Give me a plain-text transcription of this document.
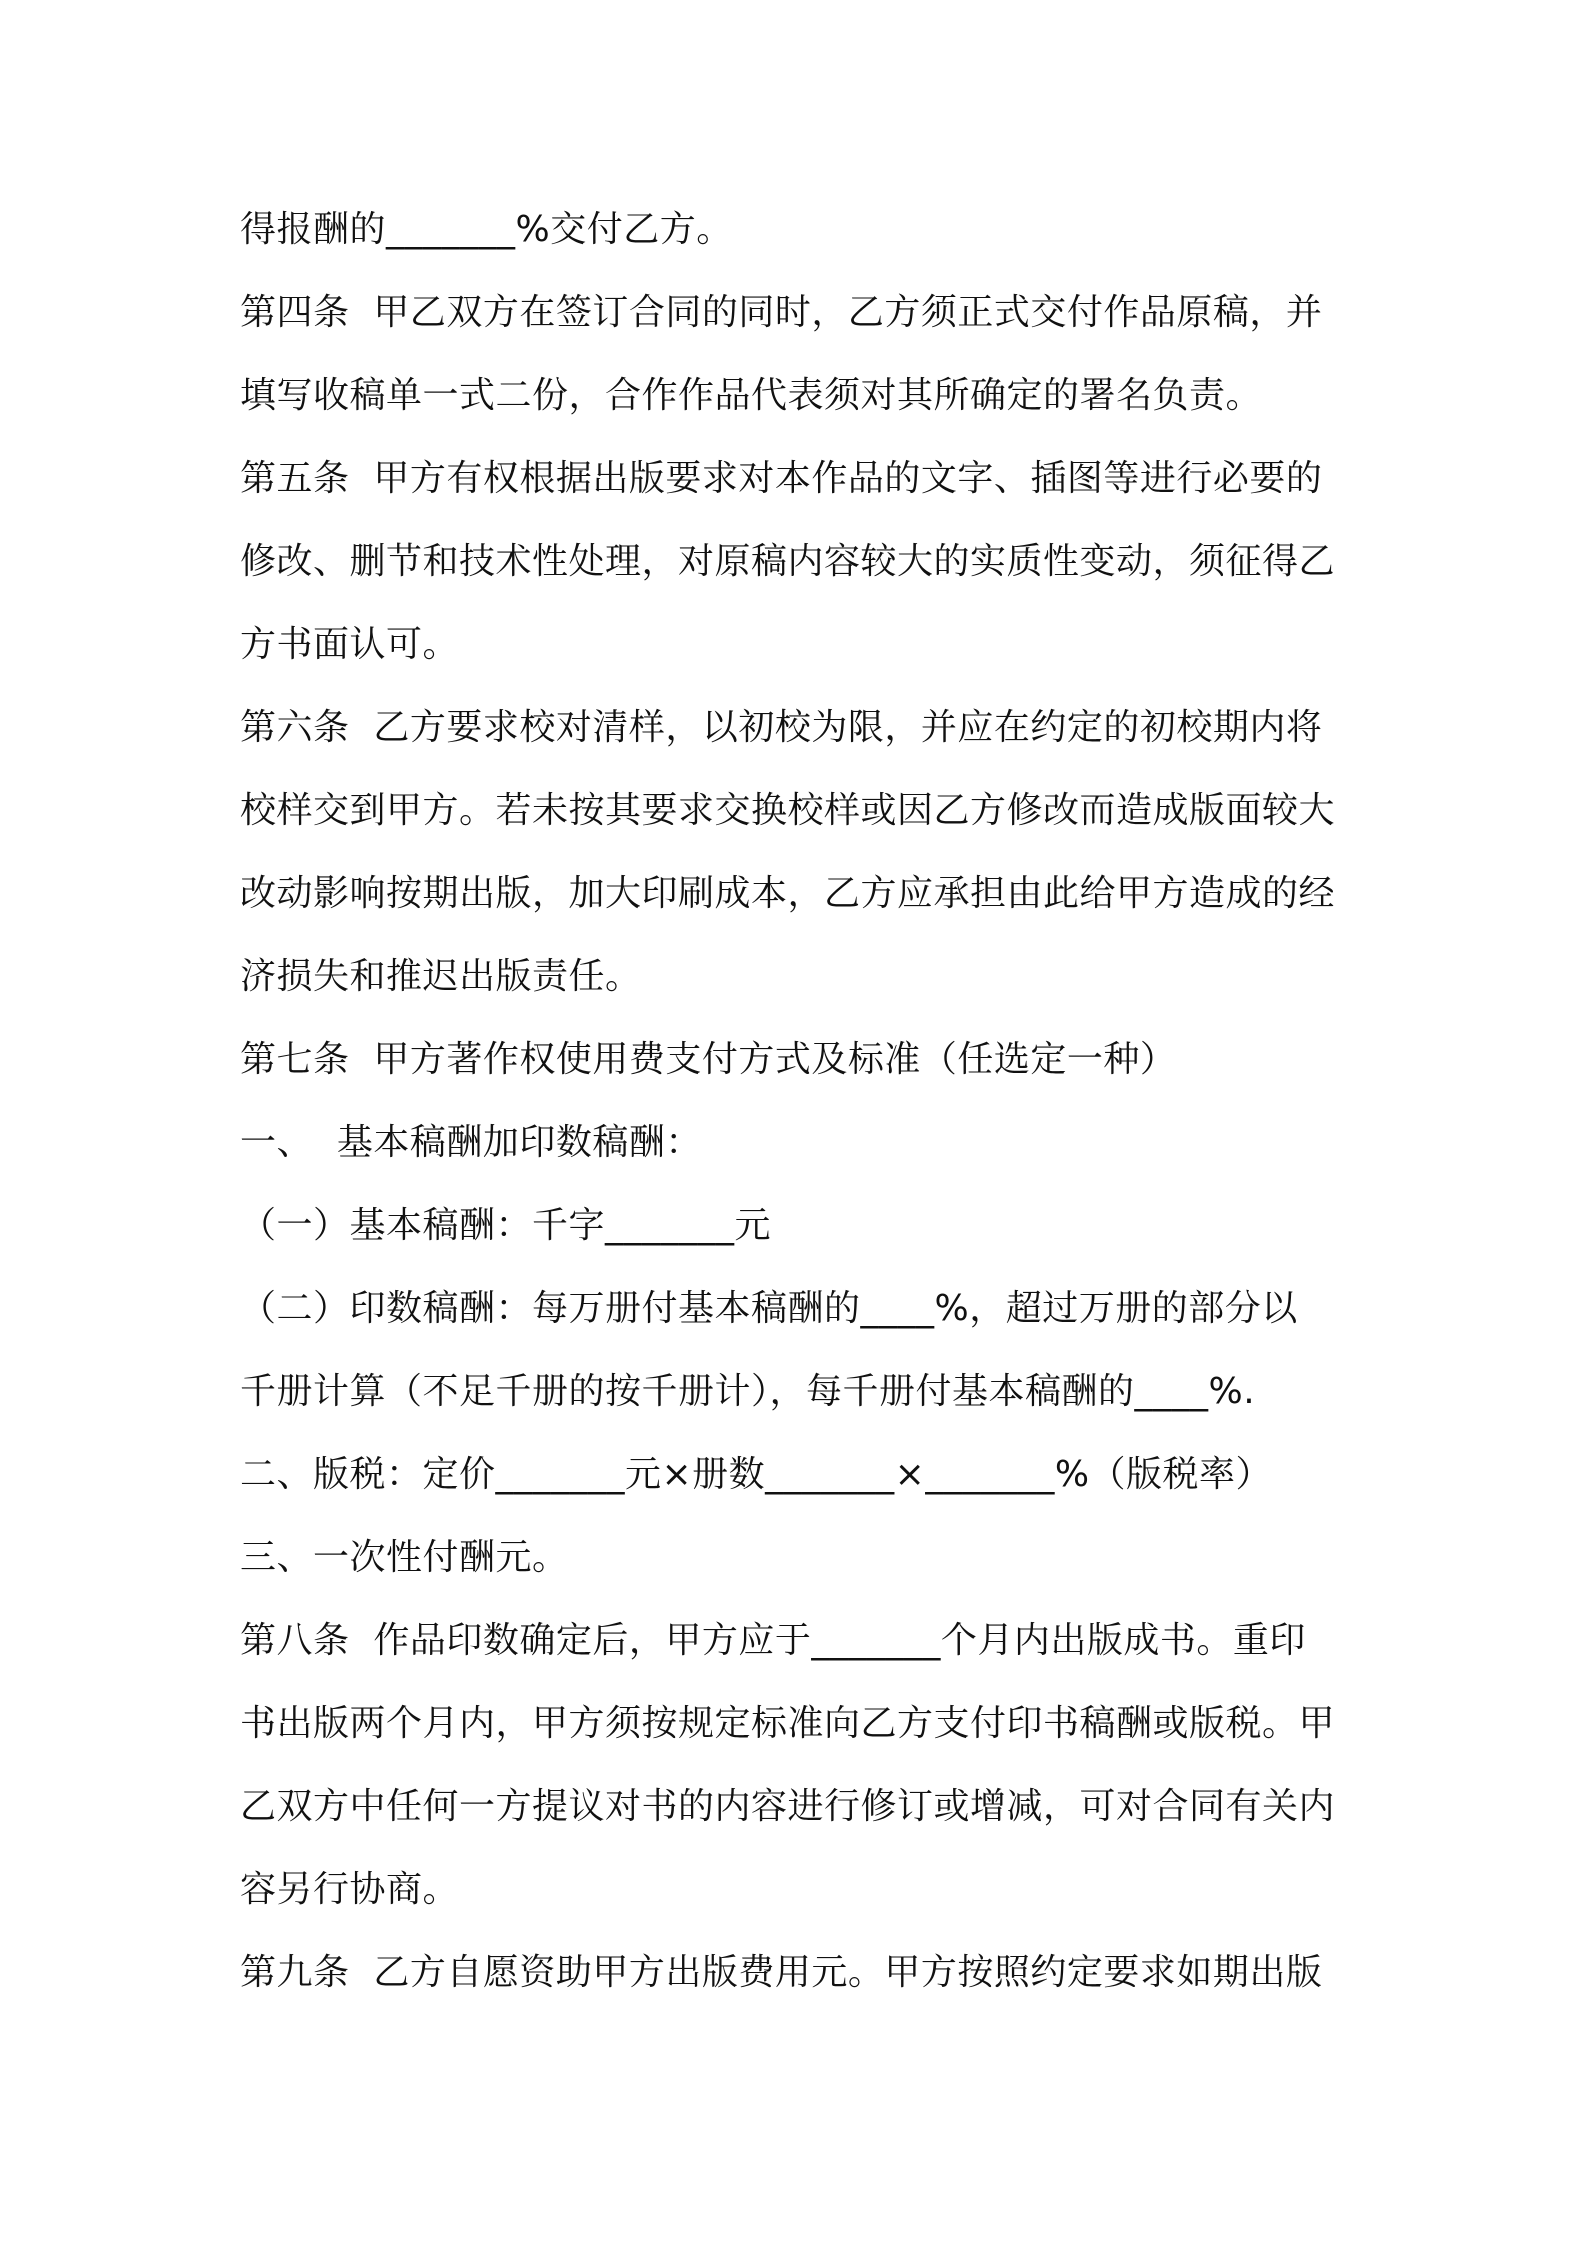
得报酬的_______%交付乙方。
第四条  甲乙双方在签订合同的同时，乙方须正式交付作品原稿，并
填写收稿单一式二份，合作作品代表须对其所确定的署名负责。
第五条  甲方有权根据出版要求对本作品的文字、插图等进行必要的
修改、删节和技术性处理，对原稿内容较大的实质性变动，须征得乙
方书面认可。
第六条  乙方要求校对清样，以初校为限，并应在约定的初校期内将
校样交到甲方。若未按其要求交换校样或因乙方修改而造成版面较大
改动影响按期出版，加大印刷成本，乙方应承担由此给甲方造成的经
济损失和推迟出版责任。
第七条  甲方著作权使用费支付方式及标准（任选定一种）
一、  基本稿酬加印数稿酬：
（一）基本稿酬：千字_______元
（二）印数稿酬：每万册付基本稿酬的____%，超过万册的部分以
千册计算（不足千册的按千册计），每千册付基本稿酬的____%.
二、版税：定价_______元×册数_______×_______%（版税率）
三、一次性付酬元。
第八条  作品印数确定后，甲方应于_______个月内出版成书。重印
书出版两个月内，甲方须按规定标准向乙方支付印书稿酬或版税。甲
乙双方中任何一方提议对书的内容进行修订或增减，可对合同有关内
容另行协商。
第九条  乙方自愿资助甲方出版费用元。甲方按照约定要求如期出版
